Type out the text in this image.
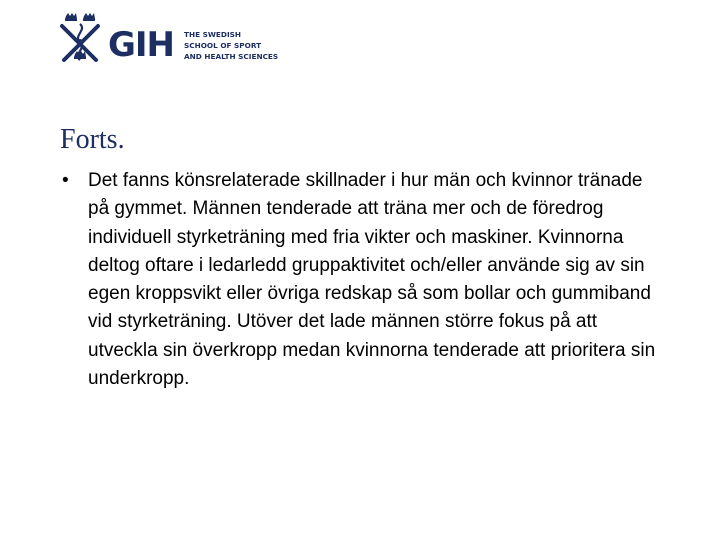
GIH THE SWEDISH
SCHOOL OF SPORT
AND HEALTH SCIENCES
Forts.
• Det fanns könsrelaterade skillnader i hur män och kvinnor tränade på gymmet. Männen tenderade att träna mer och de föredrog individuell styrketräning med fria vikter och maskiner. Kvinnorna deltog oftare i ledarledd gruppaktivitet och/eller använde sig av sin egen kroppsvikt eller övriga redskap så som bollar och gummiband vid styrketräning. Utöver det lade männen större fokus på att utveckla sin överkropp medan kvinnorna tenderade att prioritera sin underkropp.
